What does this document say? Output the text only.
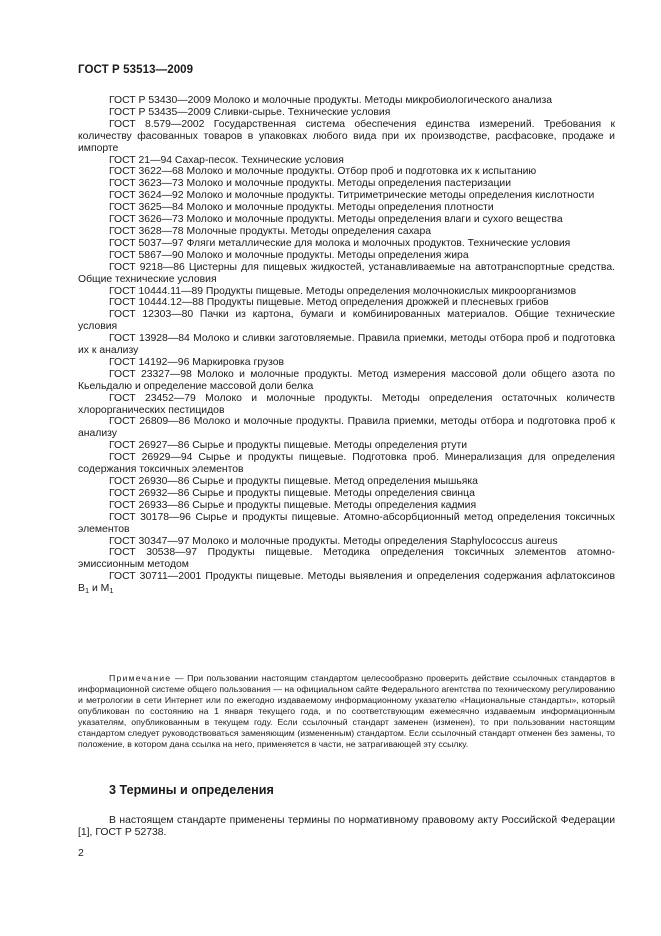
ГОСТ Р 53513—2009

ГОСТ Р 53430—2009 Молоко и молочные продукты. Методы микробиологического анализа

ГОСТ Р 53435—2009 Сливки-сырье. Технические условия

ГОСТ 8.579—2002 Государственная система обеспечения единства измерений. Требования к количеству фасованных товаров в упаковках любого вида при их производстве, расфасовке, продаже и импорте

ГОСТ 21—94 Сахар-песок. Технические условия

ГОСТ 3622—68 Молоко и молочные продукты. Отбор проб и подготовка их к испытанию

ГОСТ 3623—73 Молоко и молочные продукты. Методы определения пастеризации

ГОСТ 3624—92 Молоко и молочные продукты. Титриметрические методы определения кислотности

ГОСТ 3625—84 Молоко и молочные продукты. Методы определения плотности

ГОСТ 3626—73 Молоко и молочные продукты. Методы определения влаги и сухого вещества

ГОСТ 3628—78 Молочные продукты. Методы определения сахара

ГОСТ 5037—97 Фляги металлические для молока и молочных продуктов. Технические условия

ГОСТ 5867—90 Молоко и молочные продукты. Методы определения жира

ГОСТ 9218—86 Цистерны для пищевых жидкостей, устанавливаемые на автотранспортные средства. Общие технические условия

ГОСТ 10444.11—89 Продукты пищевые. Методы определения молочнокислых микроорганизмов

ГОСТ 10444.12—88 Продукты пищевые. Метод определения дрожжей и плесневых грибов

ГОСТ 12303—80 Пачки из картона, бумаги и комбинированных материалов. Общие технические условия

ГОСТ 13928—84 Молоко и сливки заготовляемые. Правила приемки, методы отбора проб и подготовка их к анализу

ГОСТ 14192—96 Маркировка грузов

ГОСТ 23327—98 Молоко и молочные продукты. Метод измерения массовой доли общего азота по Кьельдалю и определение массовой доли белка

ГОСТ 23452—79 Молоко и молочные продукты. Методы определения остаточных количеств хлорорганических пестицидов

ГОСТ 26809—86 Молоко и молочные продукты. Правила приемки, методы отбора и подготовка проб к анализу

ГОСТ 26927—86 Сырье и продукты пищевые. Методы определения ртути

ГОСТ 26929—94 Сырье и продукты пищевые. Подготовка проб. Минерализация для определения содержания токсичных элементов

ГОСТ 26930—86 Сырье и продукты пищевые. Метод определения мышьяка

ГОСТ 26932—86 Сырье и продукты пищевые. Методы определения свинца

ГОСТ 26933—86 Сырье и продукты пищевые. Методы определения кадмия

ГОСТ 30178—96 Сырье и продукты пищевые. Атомно-абсорбционный метод определения токсичных элементов

ГОСТ 30347—97 Молоко и молочные продукты. Методы определения Staphylococcus aureus

ГОСТ 30538—97 Продукты пищевые. Методика определения токсичных элементов атомно-эмиссионным методом

ГОСТ 30711—2001 Продукты пищевые. Методы выявления и определения содержания афлатоксинов $B_1$ и $M_1$

Примечание — При пользовании настоящим стандартом целесообразно проверить действие ссылочных стандартов в информационной системе общего пользования — на официальном сайте Федерального агентства по техническому регулированию и метрологии в сети Интернет или по ежегодно издаваемому информационному указателю «Национальные стандарты», который опубликован по состоянию на 1 января текущего года, и по соответствующим ежемесячно издаваемым информационным указателям, опубликованным в текущем году. Если ссылочный стандарт заменен (изменен), то при пользовании настоящим стандартом следует руководствоваться заменяющим (измененным) стандартом. Если ссылочный стандарт отменен без замены, то положение, в котором дана ссылка на него, применяется в части, не затрагивающей эту ссылку.

3 Термины и определения

В настоящем стандарте применены термины по нормативному правовому акту Российской Федерации [1], ГОСТ Р 52738.

2
